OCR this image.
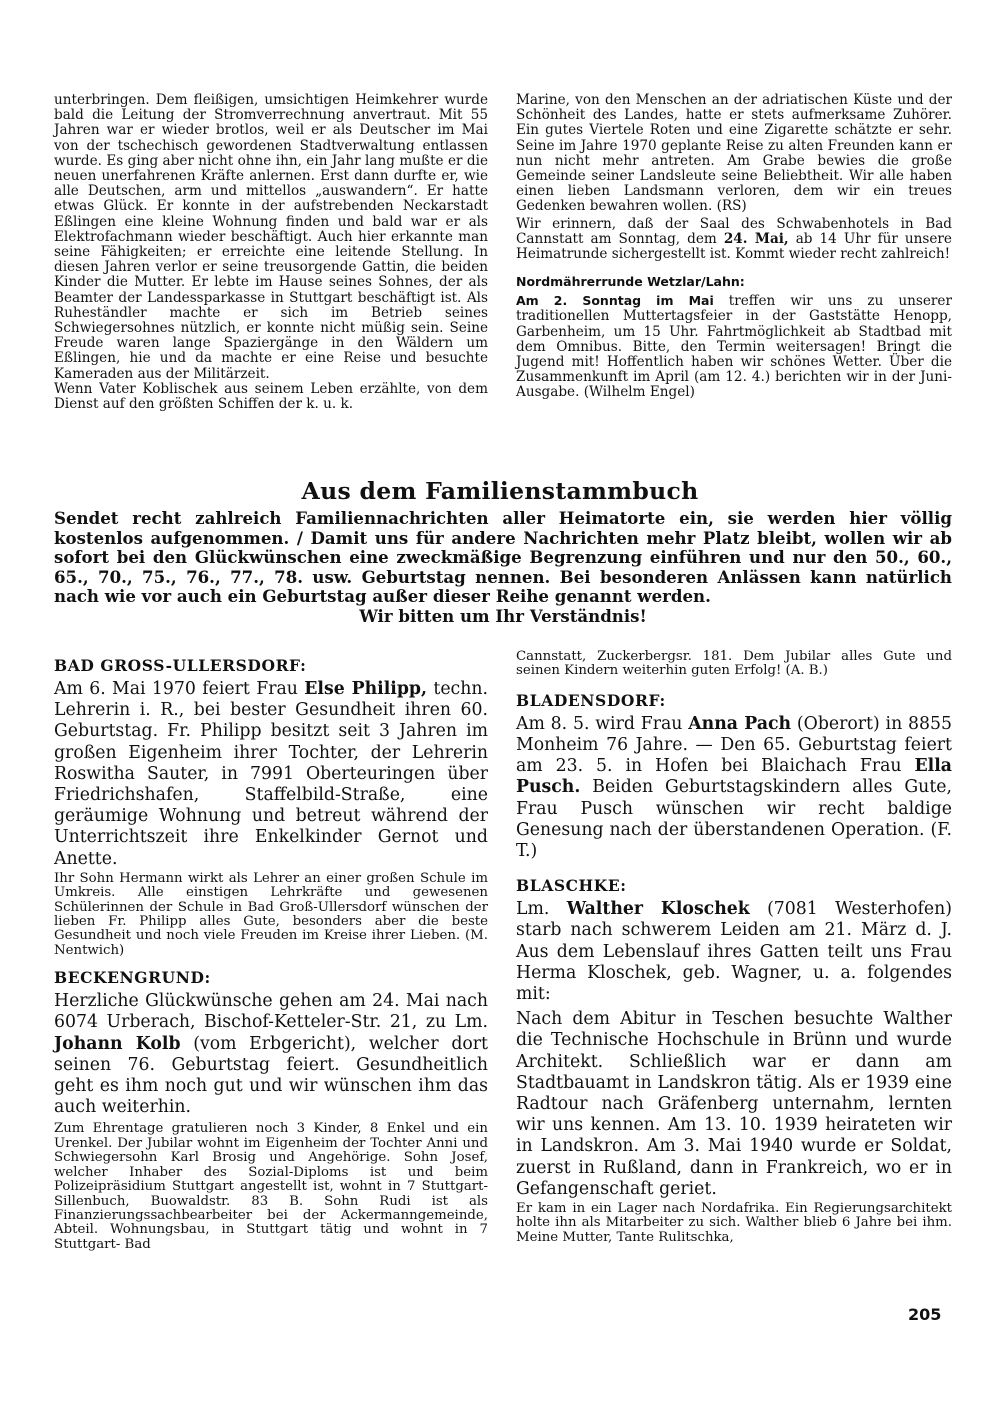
unterbringen. Dem fleißigen, umsichtigen Heimkehrer wurde bald die Leitung der Stromverrechnung anvertraut. Mit 55 Jahren war er wieder brotlos, weil er als Deutscher im Mai von der tschechisch gewordenen Stadtverwaltung entlassen wurde. Es ging aber nicht ohne ihn, ein Jahr lang mußte er die neuen unerfahrenen Kräfte anlernen. Erst dann durfte er, wie alle Deutschen, arm und mittellos „auswandern“. Er hatte etwas Glück. Er konnte in der aufstrebenden Neckarstadt Eßlingen eine kleine Wohnung finden und bald war er als Elektrofachmann wieder beschäftigt. Auch hier erkannte man seine Fähigkeiten; er erreichte eine leitende Stellung. In diesen Jahren verlor er seine treusorgende Gattin, die beiden Kinder die Mutter. Er lebte im Hause seines Sohnes, der als Beamter der Landessparkasse in Stuttgart beschäftigt ist. Als Ruheständler machte er sich im Betrieb seines Schwiegersohnes nützlich, er konnte nicht müßig sein. Seine Freude waren lange Spaziergänge in den Wäldern um Eßlingen, hie und da machte er eine Reise und besuchte Kameraden aus der Militärzeit.

Wenn Vater Koblischek aus seinem Leben erzählte, von dem Dienst auf den größten Schiffen der k. u. k.

Marine, von den Menschen an der adriatischen Küste und der Schönheit des Landes, hatte er stets aufmerksame Zuhörer. Ein gutes Viertele Roten und eine Zigarette schätzte er sehr. Seine im Jahre 1970 geplante Reise zu alten Freunden kann er nun nicht mehr antreten. Am Grabe bewies die große Gemeinde seiner Landsleute seine Beliebtheit. Wir alle haben einen lieben Landsmann verloren, dem wir ein treues Gedenken bewahren wollen. (RS)

Wir erinnern, daß der Saal des Schwabenhotels in Bad Cannstatt am Sonntag, dem 24. Mai, ab 14 Uhr für unsere Heimatrunde sichergestellt ist. Kommt wieder recht zahlreich!

Nordmährerrunde Wetzlar/Lahn:

Am 2. Sonntag im Mai treffen wir uns zu unserer traditionellen Muttertagsfeier in der Gaststätte Henopp, Garbenheim, um 15 Uhr. Fahrtmöglichkeit ab Stadtbad mit dem Omnibus. Bitte, den Termin weitersagen! Bringt die Jugend mit! Hoffentlich haben wir schönes Wetter. Über die Zusammenkunft im April (am 12. 4.) berichten wir in der Juni-Ausgabe. (Wilhelm Engel)

Aus dem Familienstammbuch

Sendet recht zahlreich Familiennachrichten aller Heimatorte ein, sie werden hier völlig kostenlos aufgenommen. / Damit uns für andere Nachrichten mehr Platz bleibt, wollen wir ab sofort bei den Glückwünschen eine zweckmäßige Begrenzung einführen und nur den 50., 60., 65., 70., 75., 76., 77., 78. usw. Geburtstag nennen. Bei besonderen Anlässen kann natürlich nach wie vor auch ein Geburtstag außer dieser Reihe genannt werden.

Wir bitten um Ihr Verständnis!

BAD GROSS-ULLERSDORF:

Am 6. Mai 1970 feiert Frau Else Philipp, techn. Lehrerin i. R., bei bester Gesundheit ihren 60. Geburtstag. Fr. Philipp besitzt seit 3 Jahren im großen Eigenheim ihrer Tochter, der Lehrerin Roswitha Sauter, in 7991 Oberteuringen über Friedrichshafen, Staffelbild-Straße, eine geräumige Wohnung und betreut während der Unterrichtszeit ihre Enkelkinder Gernot und Anette.

Ihr Sohn Hermann wirkt als Lehrer an einer großen Schule im Umkreis. Alle einstigen Lehrkräfte und gewesenen Schülerinnen der Schule in Bad Groß-Ullersdorf wünschen der lieben Fr. Philipp alles Gute, besonders aber die beste Gesundheit und noch viele Freuden im Kreise ihrer Lieben. (M. Nentwich)

BECKENGRUND:

Herzliche Glückwünsche gehen am 24. Mai nach 6074 Urberach, Bischof-Ketteler-Str. 21, zu Lm. Johann Kolb (vom Erbgericht), welcher dort seinen 76. Geburtstag feiert. Gesundheitlich geht es ihm noch gut und wir wünschen ihm das auch weiterhin.

Zum Ehrentage gratulieren noch 3 Kinder, 8 Enkel und ein Urenkel. Der Jubilar wohnt im Eigenheim der Tochter Anni und Schwiegersohn Karl Brosig und Angehörige. Sohn Josef, welcher Inhaber des Sozial-Diploms ist und beim Polizeipräsidium Stuttgart angestellt ist, wohnt in 7 Stuttgart-Sillenbuch, Buowaldstr. 83 B. Sohn Rudi ist als Finanzierungssachbearbeiter bei der Ackermanngemeinde, Abteil. Wohnungsbau, in Stuttgart tätig und wohnt in 7 Stuttgart- Bad

Cannstatt, Zuckerbergsr. 181. Dem Jubilar alles Gute und seinen Kindern weiterhin guten Erfolg! (A. B.)

BLADENSDORF:

Am 8. 5. wird Frau Anna Pach (Oberort) in 8855 Monheim 76 Jahre. — Den 65. Geburtstag feiert am 23. 5. in Hofen bei Blaichach Frau Ella Pusch. Beiden Geburtstagskindern alles Gute, Frau Pusch wünschen wir recht baldige Genesung nach der überstandenen Operation. (F. T.)

BLASCHKE:

Lm. Walther Kloschek (7081 Westerhofen) starb nach schwerem Leiden am 21. März d. J. Aus dem Lebenslauf ihres Gatten teilt uns Frau Herma Kloschek, geb. Wagner, u. a. folgendes mit:

Nach dem Abitur in Teschen besuchte Walther die Technische Hochschule in Brünn und wurde Architekt. Schließlich war er dann am Stadtbauamt in Landskron tätig. Als er 1939 eine Radtour nach Gräfenberg unternahm, lernten wir uns kennen. Am 13. 10. 1939 heirateten wir in Landskron. Am 3. Mai 1940 wurde er Soldat, zuerst in Rußland, dann in Frankreich, wo er in Gefangenschaft geriet.

Er kam in ein Lager nach Nordafrika. Ein Regierungsarchitekt holte ihn als Mitarbeiter zu sich. Walther blieb 6 Jahre bei ihm. Meine Mutter, Tante Rulitschka,

205
